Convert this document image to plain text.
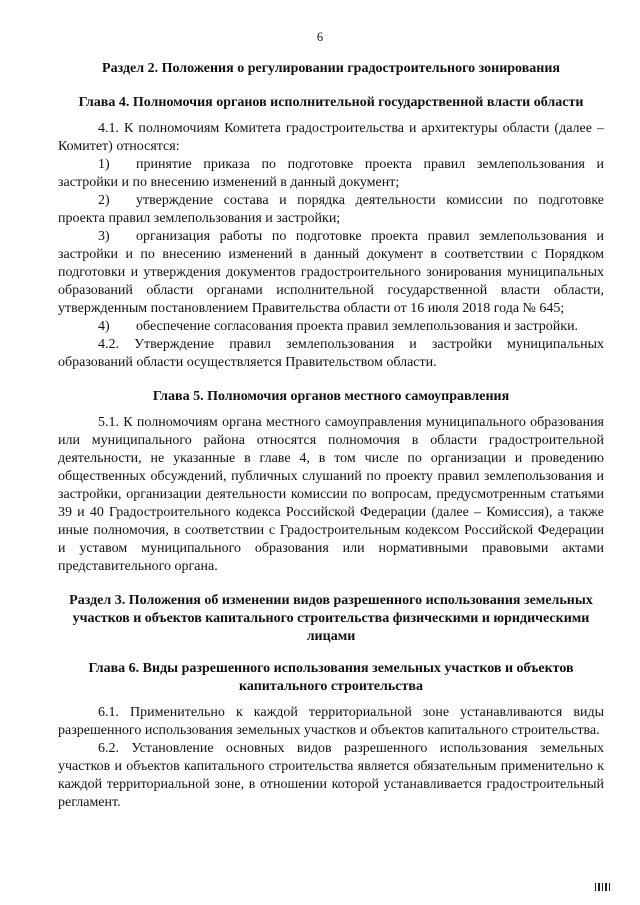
6

Раздел 2. Положения о регулировании градостроительного зонирования

Глава 4. Полномочия органов исполнительной государственной власти области

4.1. К полномочиям Комитета градостроительства и архитектуры области (далее – Комитет) относятся:

1) принятие приказа по подготовке проекта правил землепользования и застройки и по внесению изменений в данный документ;

2) утверждение состава и порядка деятельности комиссии по подготовке проекта правил землепользования и застройки;

3) организация работы по подготовке проекта правил землепользования и застройки и по внесению изменений в данный документ в соответствии с Порядком подготовки и утверждения документов градостроительного зонирования муниципальных образований области органами исполнительной государственной власти области, утвержденным постановлением Правительства области от 16 июля 2018 года № 645;

4) обеспечение согласования проекта правил землепользования и застройки.

4.2. Утверждение правил землепользования и застройки муниципальных образований области осуществляется Правительством области.

Глава 5. Полномочия органов местного самоуправления

5.1. К полномочиям органа местного самоуправления муниципального образования или муниципального района относятся полномочия в области градостроительной деятельности, не указанные в главе 4, в том числе по организации и проведению общественных обсуждений, публичных слушаний по проекту правил землепользования и застройки, организации деятельности комиссии по вопросам, предусмотренным статьями 39 и 40 Градостроительного кодекса Российской Федерации (далее – Комиссия), а также иные полномочия, в соответствии с Градостроительным кодексом Российской Федерации и уставом муниципального образования или нормативными правовыми актами представительного органа.

Раздел 3. Положения об изменении видов разрешенного использования земельных участков и объектов капитального строительства физическими и юридическими лицами

Глава 6. Виды разрешенного использования земельных участков и объектов капитального строительства

6.1. Применительно к каждой территориальной зоне устанавливаются виды разрешенного использования земельных участков и объектов капитального строительства.

6.2. Установление основных видов разрешенного использования земельных участков и объектов капитального строительства является обязательным применительно к каждой территориальной зоне, в отношении которой устанавливается градостроительный регламент.
